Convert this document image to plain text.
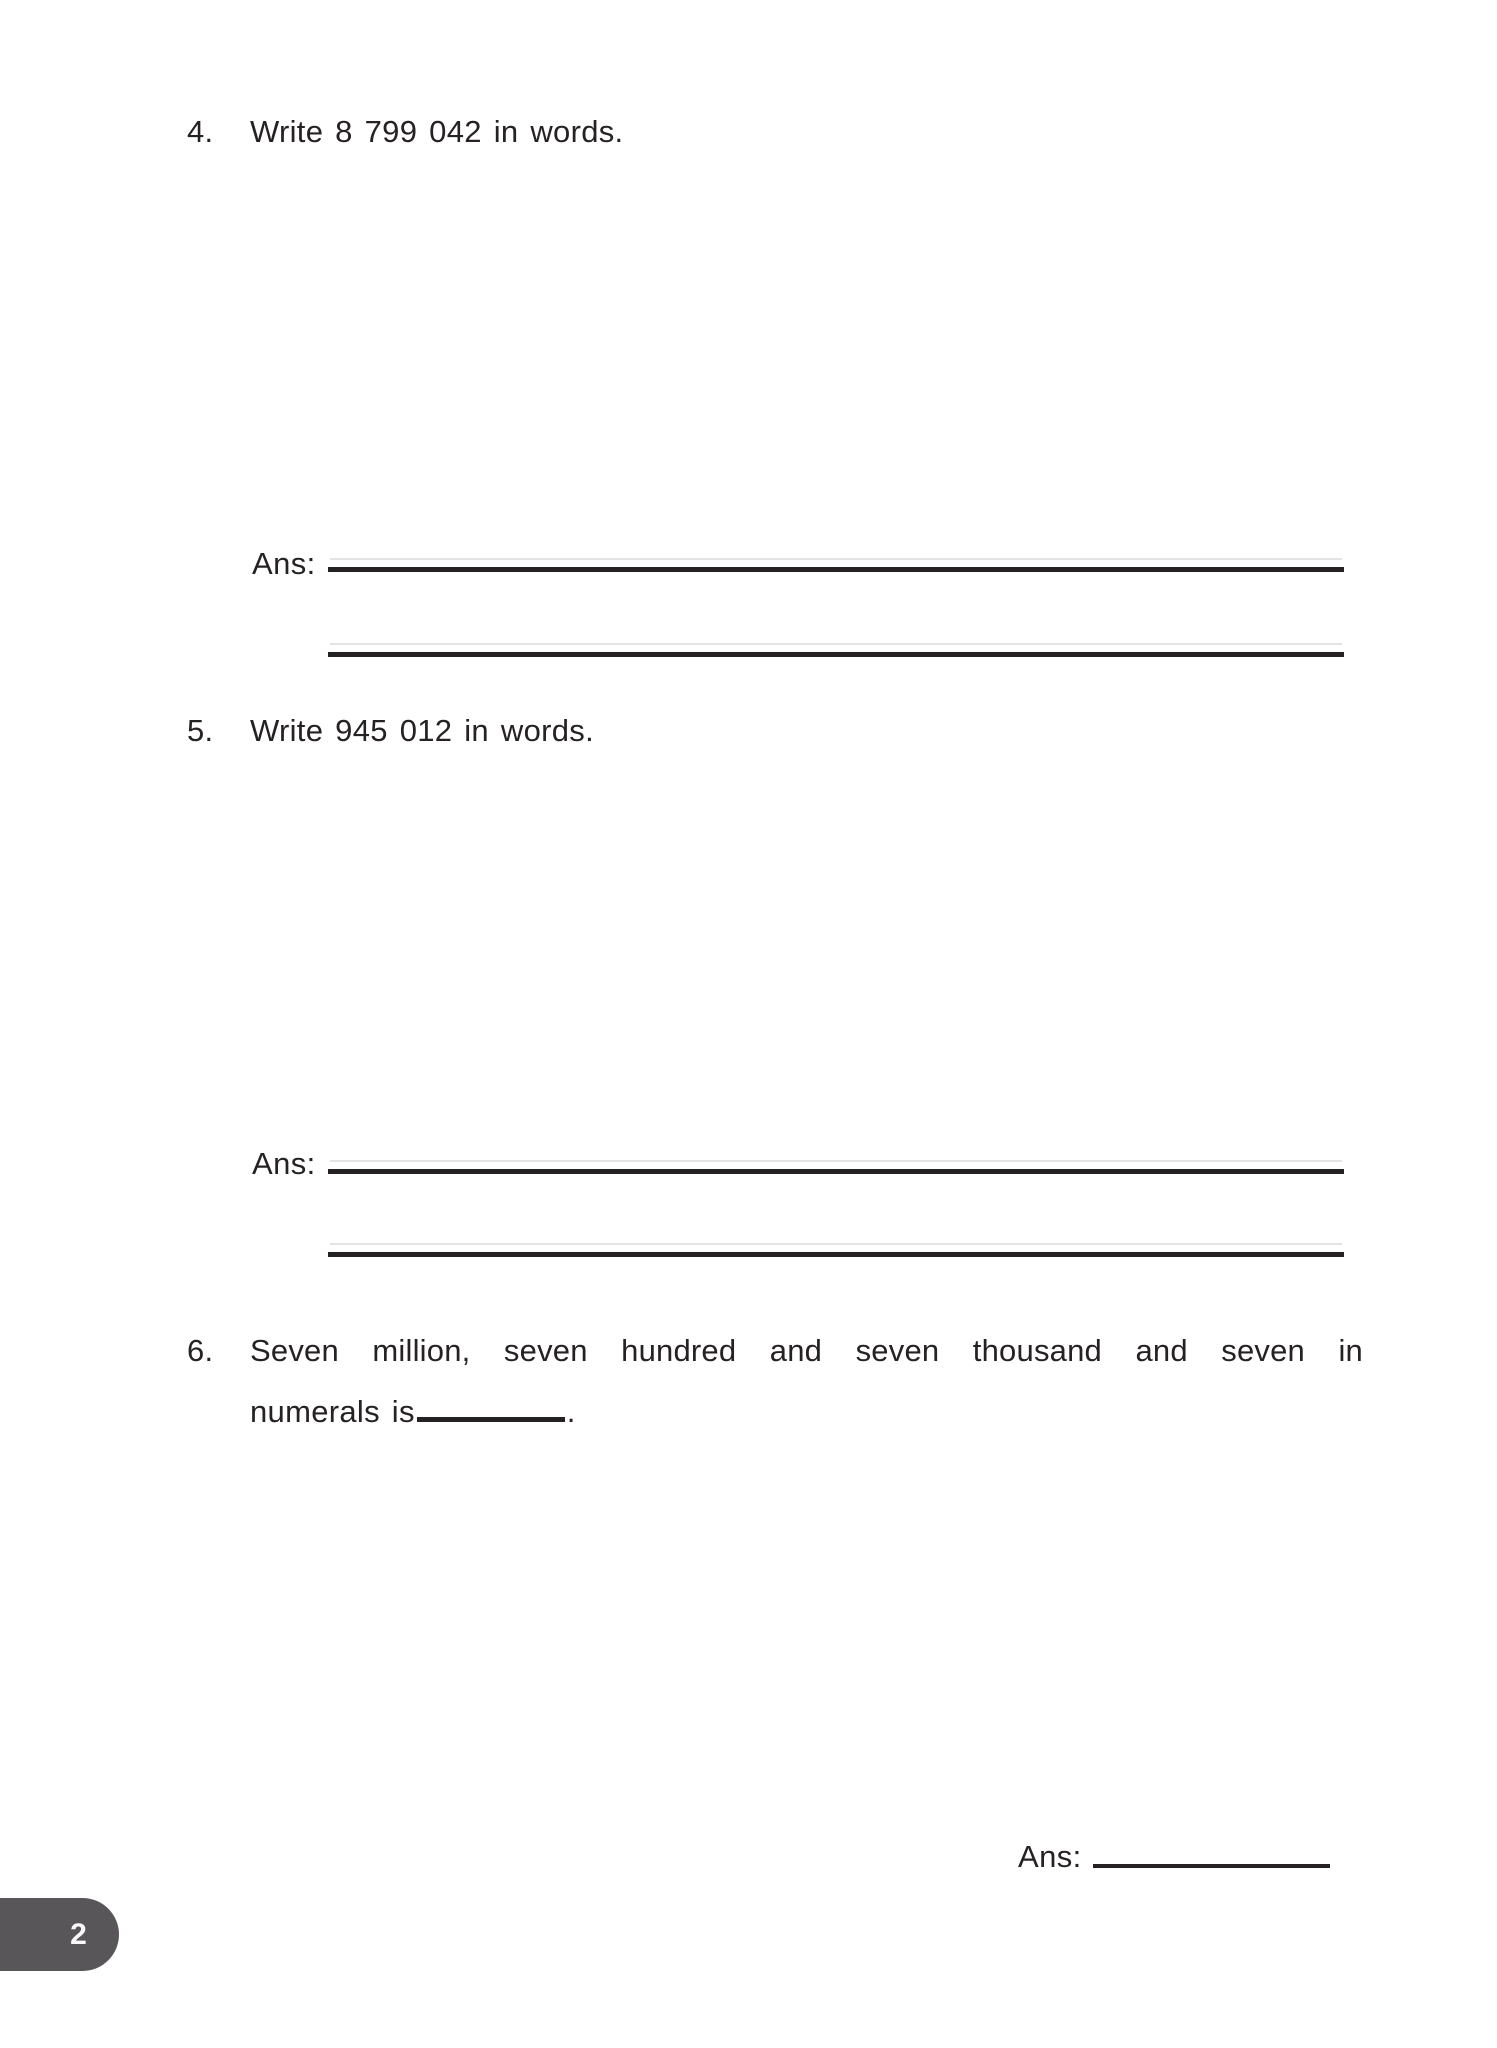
4. Write 8 799 042 in words.
Ans:
5. Write 945 012 in words.
Ans:
6. Seven million, seven hundred and seven thousand and seven in
numerals is	.
Ans:
2
